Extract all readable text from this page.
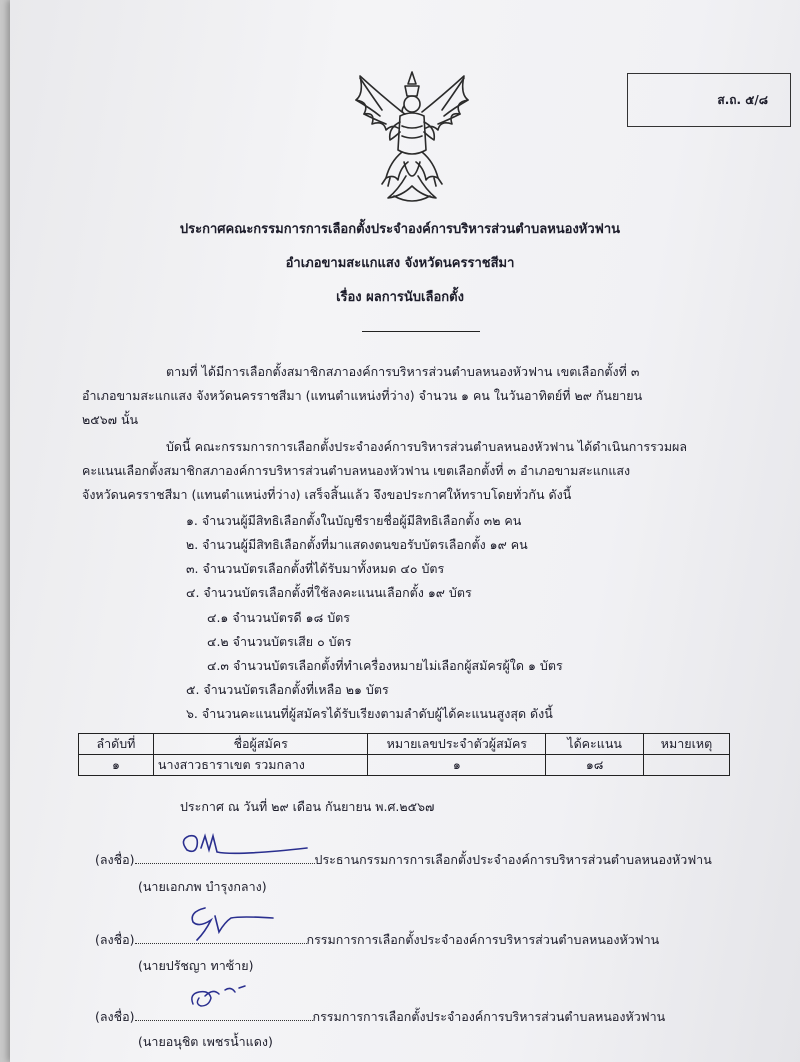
ส.ถ. ๕/๘
ประกาศคณะกรรมการการเลือกตั้งประจำองค์การบริหารส่วนตำบลหนองหัวฟาน
อำเภอขามสะแกแสง จังหวัดนครราชสีมา
เรื่อง ผลการนับเลือกตั้ง
ตามที่ ได้มีการเลือกตั้งสมาชิกสภาองค์การบริหารส่วนตำบลหนองหัวฟาน เขตเลือกตั้งที่ ๓
อำเภอขามสะแกแสง จังหวัดนครราชสีมา (แทนตำแหน่งที่ว่าง) จำนวน ๑ คน ในวันอาทิตย์ที่ ๒๙ กันยายน
๒๕๖๗ นั้น
บัดนี้ คณะกรรมการการเลือกตั้งประจำองค์การบริหารส่วนตำบลหนองหัวฟาน ได้ดำเนินการรวมผล
คะแนนเลือกตั้งสมาชิกสภาองค์การบริหารส่วนตำบลหนองหัวฟาน เขตเลือกตั้งที่ ๓ อำเภอขามสะแกแสง
จังหวัดนครราชสีมา (แทนตำแหน่งที่ว่าง) เสร็จสิ้นแล้ว จึงขอประกาศให้ทราบโดยทั่วกัน ดังนี้
๑. จำนวนผู้มีสิทธิเลือกตั้งในบัญชีรายชื่อผู้มีสิทธิเลือกตั้ง ๓๒ คน
๒. จำนวนผู้มีสิทธิเลือกตั้งที่มาแสดงตนขอรับบัตรเลือกตั้ง ๑๙ คน
๓. จำนวนบัตรเลือกตั้งที่ได้รับมาทั้งหมด ๔๐ บัตร
๔. จำนวนบัตรเลือกตั้งที่ใช้ลงคะแนนเลือกตั้ง ๑๙ บัตร
๔.๑ จำนวนบัตรดี ๑๘ บัตร
๔.๒ จำนวนบัตรเสีย ๐ บัตร
๔.๓ จำนวนบัตรเลือกตั้งที่ทำเครื่องหมายไม่เลือกผู้สมัครผู้ใด ๑ บัตร
๕. จำนวนบัตรเลือกตั้งที่เหลือ ๒๑ บัตร
๖. จำนวนคะแนนที่ผู้สมัครได้รับเรียงตามลำดับผู้ได้คะแนนสูงสุด ดังนี้
ลำดับที่	ชื่อผู้สมัคร	หมายเลขประจำตัวผู้สมัคร	ได้คะแนน	หมายเหตุ
๑	นางสาวธาราเขต รวมกลาง	๑	๑๘	
ประกาศ ณ วันที่ ๒๙ เดือน กันยายน พ.ศ.๒๕๖๗
(ลงชื่อ)	ประธานกรรมการการเลือกตั้งประจำองค์การบริหารส่วนตำบลหนองหัวฟาน
(นายเอกภพ บำรุงกลาง)
(ลงชื่อ)	กรรมการการเลือกตั้งประจำองค์การบริหารส่วนตำบลหนองหัวฟาน
(นายปรัชญา ทาซ้าย)
(ลงชื่อ)	กรรมการการเลือกตั้งประจำองค์การบริหารส่วนตำบลหนองหัวฟาน
(นายอนุชิต เพชรน้ำแดง)
